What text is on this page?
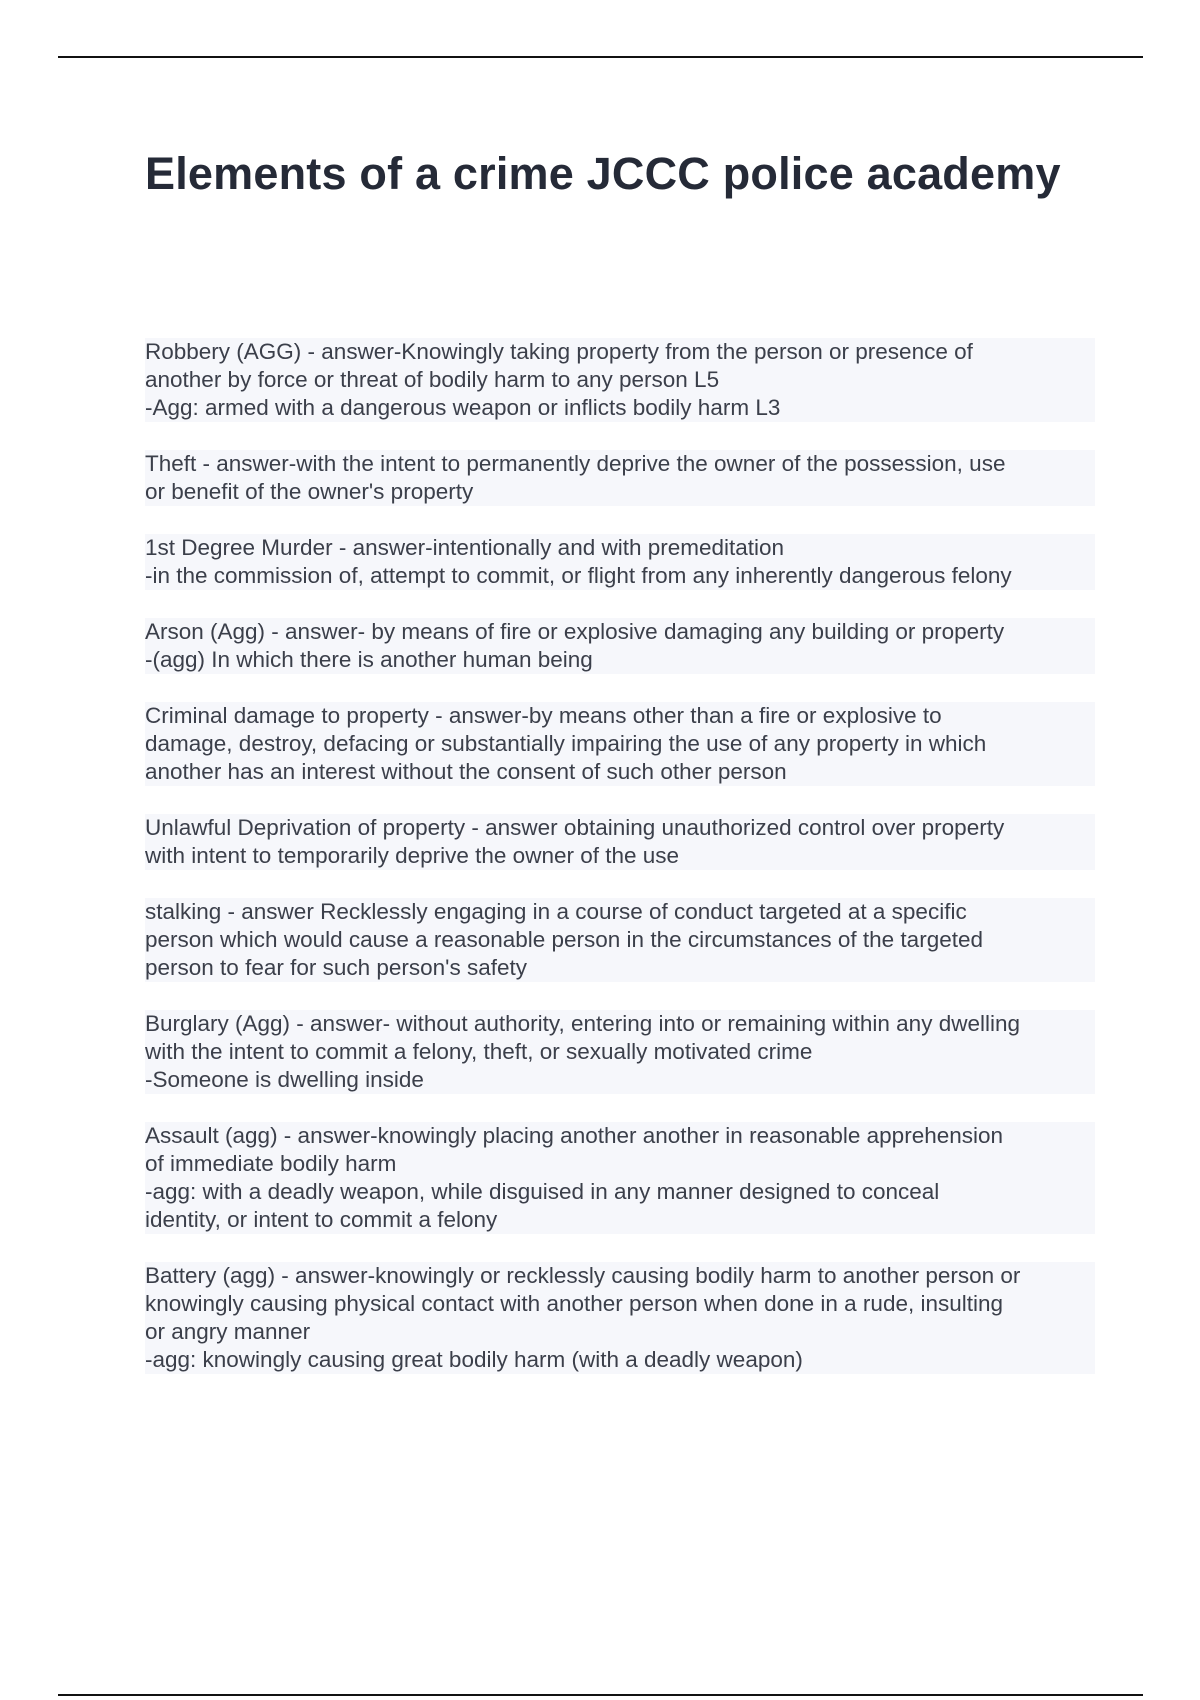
Elements of a crime JCCC police academy

Robbery (AGG) - answer-Knowingly taking property from the person or presence of
another by force or threat of bodily harm to any person L5
-Agg: armed with a dangerous weapon or inflicts bodily harm L3

Theft - answer-with the intent to permanently deprive the owner of the possession, use
or benefit of the owner's property

1st Degree Murder - answer-intentionally and with premeditation
-in the commission of, attempt to commit, or flight from any inherently dangerous felony

Arson (Agg) - answer- by means of fire or explosive damaging any building or property
-(agg) In which there is another human being

Criminal damage to property - answer-by means other than a fire or explosive to
damage, destroy, defacing or substantially impairing the use of any property in which
another has an interest without the consent of such other person

Unlawful Deprivation of property - answer obtaining unauthorized control over property
with intent to temporarily deprive the owner of the use

stalking - answer Recklessly engaging in a course of conduct targeted at a specific
person which would cause a reasonable person in the circumstances of the targeted
person to fear for such person's safety

Burglary (Agg) - answer- without authority, entering into or remaining within any dwelling
with the intent to commit a felony, theft, or sexually motivated crime
-Someone is dwelling inside

Assault (agg) - answer-knowingly placing another another in reasonable apprehension
of immediate bodily harm
-agg: with a deadly weapon, while disguised in any manner designed to conceal
identity, or intent to commit a felony

Battery (agg) - answer-knowingly or recklessly causing bodily harm to another person or
knowingly causing physical contact with another person when done in a rude, insulting
or angry manner
-agg: knowingly causing great bodily harm (with a deadly weapon)
